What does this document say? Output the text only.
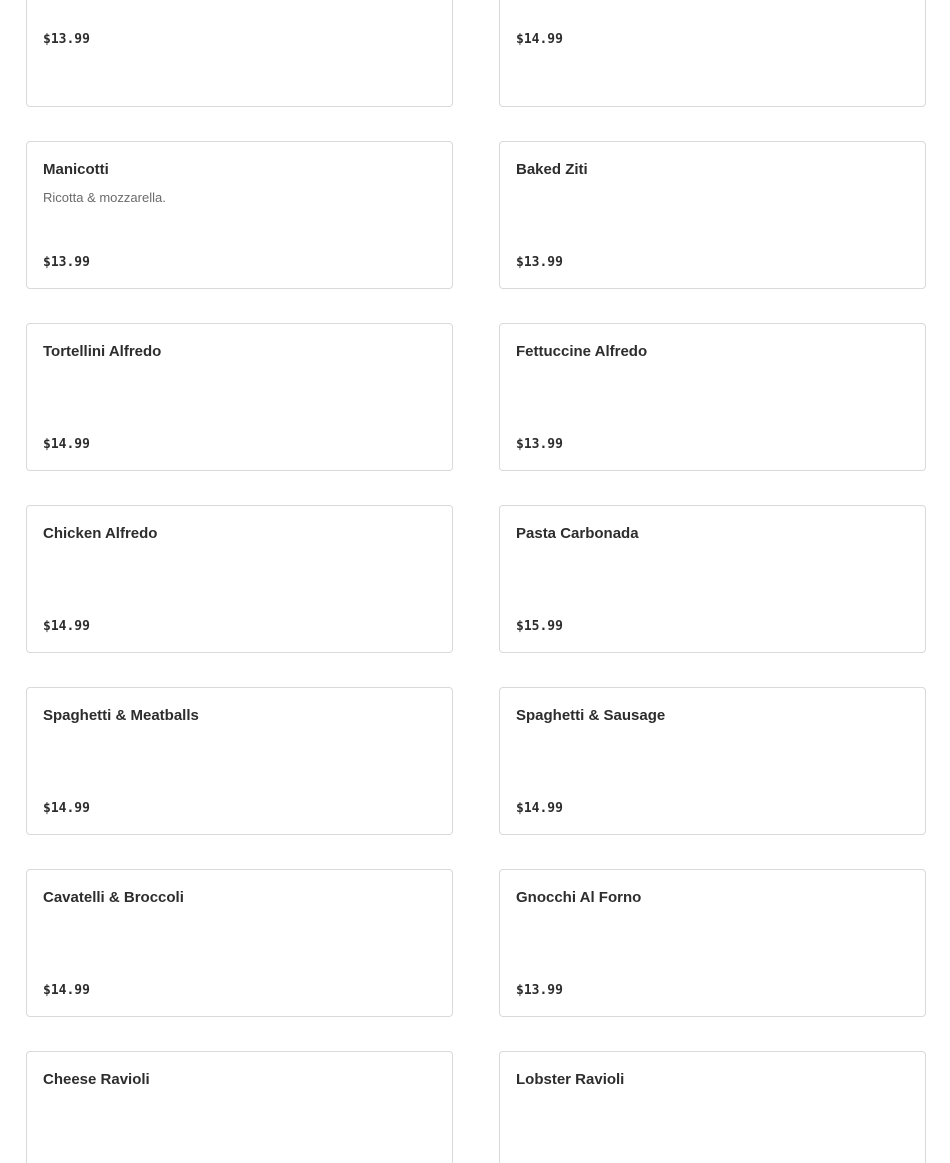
$13.99	$14.99
Manicotti
Ricotta & mozzarella.
$13.99
Baked Ziti
$13.99
Tortellini Alfredo
$14.99
Fettuccine Alfredo
$13.99
Chicken Alfredo
$14.99
Pasta Carbonada
$15.99
Spaghetti & Meatballs
$14.99
Spaghetti & Sausage
$14.99
Cavatelli & Broccoli
$14.99
Gnocchi Al Forno
$13.99
Cheese Ravioli	Lobster Ravioli
